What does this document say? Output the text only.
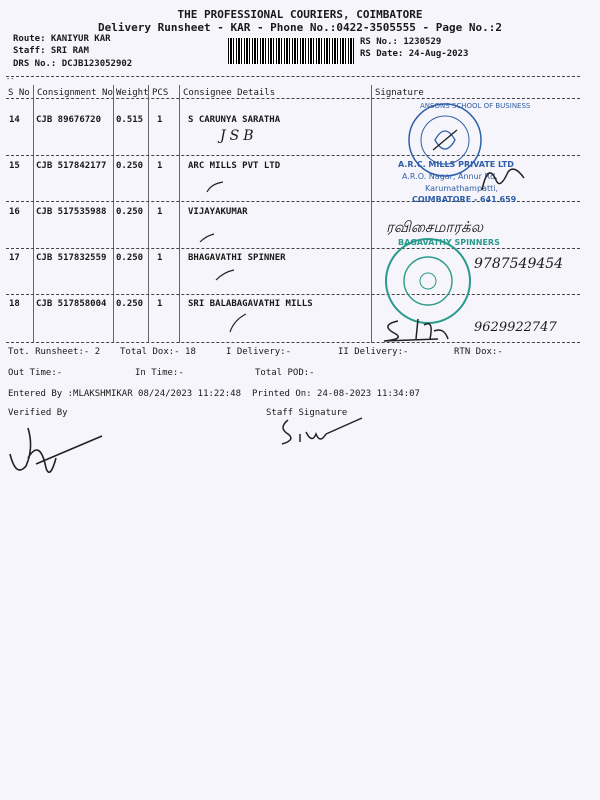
THE PROFESSIONAL COURIERS, COIMBATORE
Delivery Runsheet - KAR - Phone No.:0422-3505555 - Page No.:2
Route: KANIYUR KAR
Staff: SRI RAM
DRS No.: DCJB123052902
RS No.: 1230529
RS Date: 24-Aug-2023
--
S No Consignment No Weight PCS Consignee Details	Signature
14 CJB 89676720 0.515 1	S CARUNYA SARATHA
15 CJB 517842177 0.250 1	ARC MILLS PVT LTD
16 CJB 517535988 0.250 1	VIJAYAKUMAR
17 CJB 517832559 0.250 1	BHAGAVATHI SPINNER
18 CJB 517858004 0.250 1	SRI BALABAGAVATHI MILLS
JSB
ANSONS SCHOOL OF BUSINESS
A.R.C. MILLS PRIVATE LTD
A.R.O. Nagar, Annur Rd.
Karumathampatti,
COIMBATORE - 641 659
ரவிசைமாரக்ல
BAGAVATHY SPINNERS
9787549454
9629922747
Tot. Runsheet:- 2 Total Dox:- 18	I Delivery:-	II Delivery:-	RTN Dox:-
Out Time:-	In Time:-	Total POD:-
Entered By :MLAKSHMIKAR 08/24/2023 11:22:48 Printed On: 24-08-2023 11:34:07
Verified By	Staff Signature
